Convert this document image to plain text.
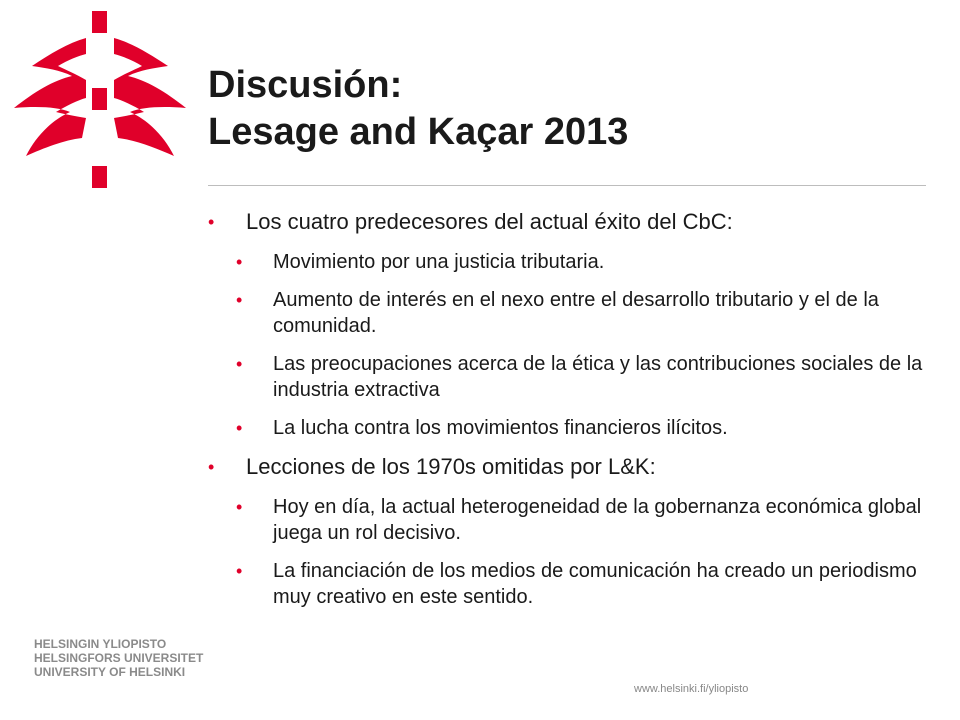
Discusión:
Lesage and Kaçar 2013
• Los cuatro predecesores del actual éxito del CbC:
• Movimiento por una justicia tributaria.
• Aumento de interés en el nexo entre el desarrollo tributario y el de la comunidad.
• Las preocupaciones acerca de la ética y las contribuciones sociales de la industria extractiva
• La lucha contra los movimientos financieros ilícitos.
• Lecciones de los 1970s omitidas por L&K:
• Hoy en día, la actual heterogeneidad de la gobernanza económica global juega un rol decisivo.
• La financiación de los medios de comunicación ha creado un periodismo muy creativo en este sentido.
HELSINGIN YLIOPISTO
HELSINGFORS UNIVERSITET
UNIVERSITY OF HELSINKI
www.helsinki.fi/yliopisto
